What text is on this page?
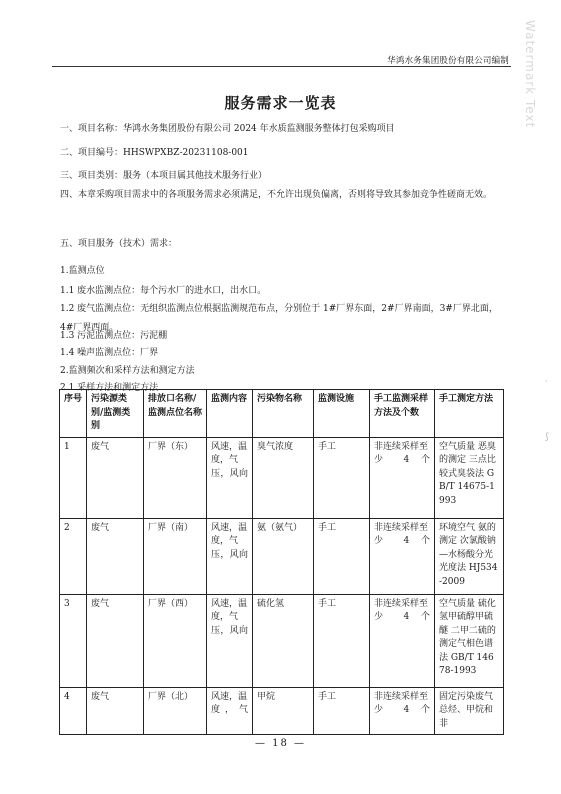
华鸿水务集团股份有限公司编制 Watermark Text
服务需求一览表
一、项目名称：华鸿水务集团股份有限公司 2024 年水质监测服务整体打包采购项目
二、项目编号：HHSWPXBZ-20231108-001
三、项目类别：服务（本项目属其他技术服务行业）
四、本章采购项目需求中的各项服务需求必须满足，不允许出现负偏离，否则将导致其参加竞争性磋商无效。
五、项目服务（技术）需求：
1.监测点位
1.1 废水监测点位：每个污水厂的进水口，出水口。
1.2 废气监测点位：无组织监测点位根据监测规范布点，分别位于 1#厂界东面，2#厂界南面，3#厂界北面，4#厂界西面。
1.3 污泥监测点位：污泥棚
1.4 噪声监测点位：厂界
2.监测频次和采样方法和测定方法
2.1 采样方法和测定方法
序号	污染源类别/监测类别	排放口名称/监测点位名称	监测内容	污染物名称	监测设施	手工监测采样方法及个数	手工测定方法
1	废气	厂界（东）	风速，温度，气压，风向	臭气浓度	手工	非连续采样至少 4 个	空气质量 恶臭的测定 三点比较式臭袋法 GB/T 14675-1993
2	废气	厂界（南）	风速，温度，气压，风向	氨（氨气）	手工	非连续采样至少 4 个	环境空气 氨的测定 次氯酸钠—水杨酸分光光度法 HJ534-2009
3	废气	厂界（西）	风速，温度，气压，风向	硫化氢	手工	非连续采样至少 4 个	空气质量 硫化氢甲硫醇甲硫醚 二甲二硫的测定气相色谱法 GB/T 14678-1993
4	废气	厂界（北）	风速，温度，气	甲烷	手工	非连续采样至少 4 个	固定污染废气总烃、甲烷和非
·
ʃ
— 18 —
